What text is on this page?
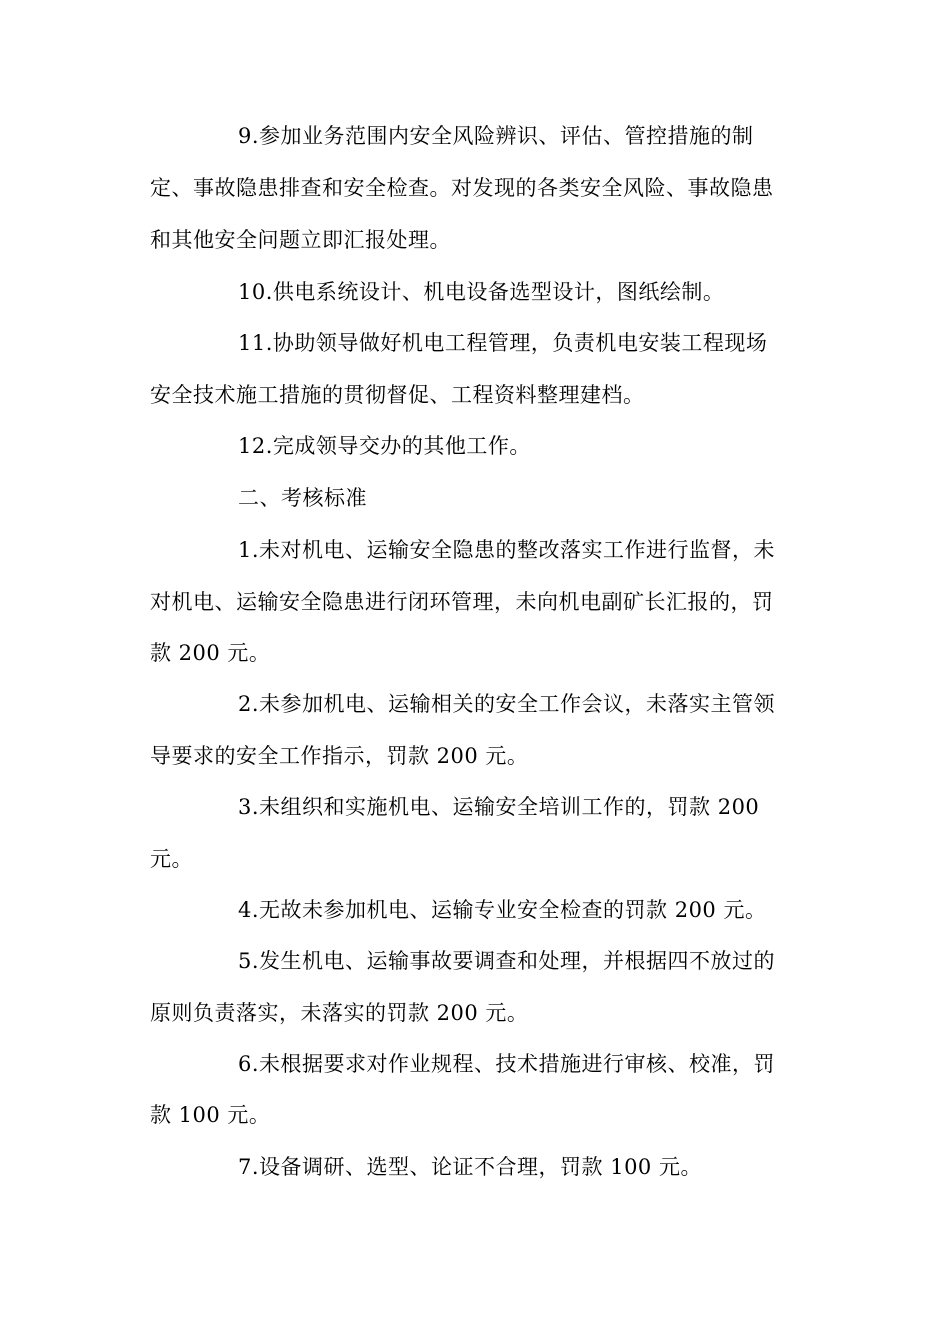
9.参加业务范围内安全风险辨识、评估、管控措施的制
定、事故隐患排查和安全检查。对发现的各类安全风险、事故隐患
和其他安全问题立即汇报处理。
10.供电系统设计、机电设备选型设计，图纸绘制。
11.协助领导做好机电工程管理，负责机电安装工程现场
安全技术施工措施的贯彻督促、工程资料整理建档。
12.完成领导交办的其他工作。
二、考核标准
1.未对机电、运输安全隐患的整改落实工作进行监督，未
对机电、运输安全隐患进行闭环管理，未向机电副矿长汇报的，罚
款 200 元。
2.未参加机电、运输相关的安全工作会议，未落实主管领
导要求的安全工作指示，罚款 200 元。
3.未组织和实施机电、运输安全培训工作的，罚款 200
元。
4.无故未参加机电、运输专业安全检查的罚款 200 元。
5.发生机电、运输事故要调查和处理，并根据四不放过的
原则负责落实，未落实的罚款 200 元。
6.未根据要求对作业规程、技术措施进行审核、校准，罚
款 100 元。
7.设备调研、选型、论证不合理，罚款 100 元。
